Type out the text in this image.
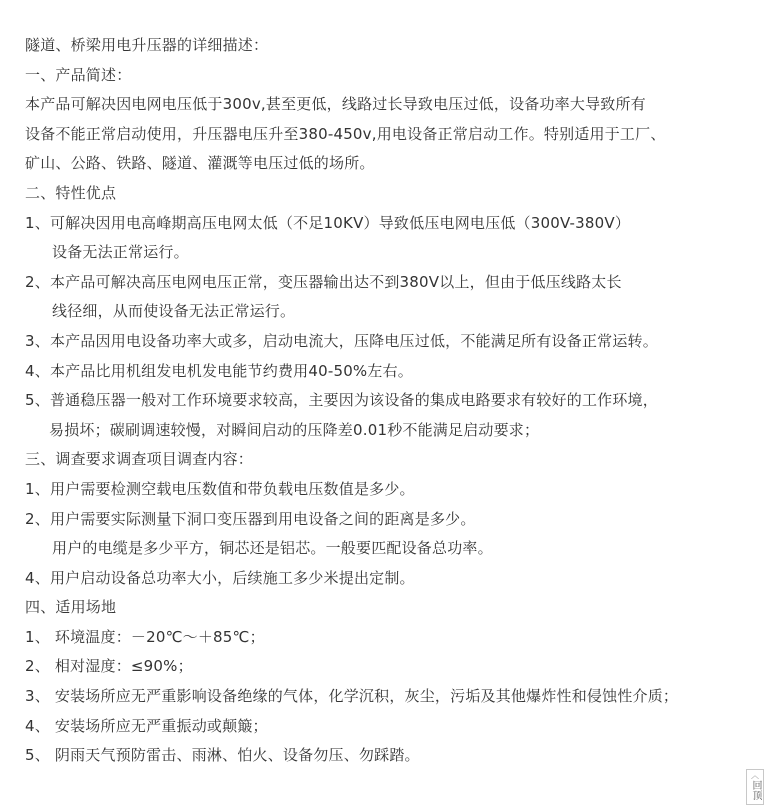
隧道、桥梁用电升压器的详细描述：
一、产品简述：
本产品可解决因电网电压低于300v,甚至更低，线路过长导致电压过低，设备功率大导致所有
设备不能正常启动使用，升压器电压升至380-450v,用电设备正常启动工作。特别适用于工厂、
矿山、公路、铁路、隧道、灌溉等电压过低的场所。
二、特性优点
1、可解决因用电高峰期高压电网太低（不足10KV）导致低压电网电压低（300V-380V）
设备无法正常运行。
2、本产品可解决高压电网电压正常，变压器输出达不到380V以上，但由于低压线路太长
线径细，从而使设备无法正常运行。
3、本产品因用电设备功率大或多，启动电流大，压降电压过低，不能满足所有设备正常运转。
4、本产品比用机组发电机发电能节约费用40-50%左右。
5、普通稳压器一般对工作环境要求较高，主要因为该设备的集成电路要求有较好的工作环境，
易损坏；碳刷调速较慢，对瞬间启动的压降差0.01秒不能满足启动要求；
三、调查要求调查项目调查内容：
1、用户需要检测空载电压数值和带负载电压数值是多少。
2、用户需要实际测量下洞口变压器到用电设备之间的距离是多少。
用户的电缆是多少平方，铜芯还是铝芯。一般要匹配设备总功率。
4、用户启动设备总功率大小，后续施工多少米提出定制。
四、适用场地
1、 环境温度：－20℃～＋85℃；
2、 相对湿度：≤90%；
3、 安装场所应无严重影响设备绝缘的气体，化学沉积，灰尘，污垢及其他爆炸性和侵蚀性介质；
4、 安装场所应无严重振动或颠簸；
5、 阴雨天气预防雷击、雨淋、怕火、设备勿压、勿踩踏。
︿
回顶
